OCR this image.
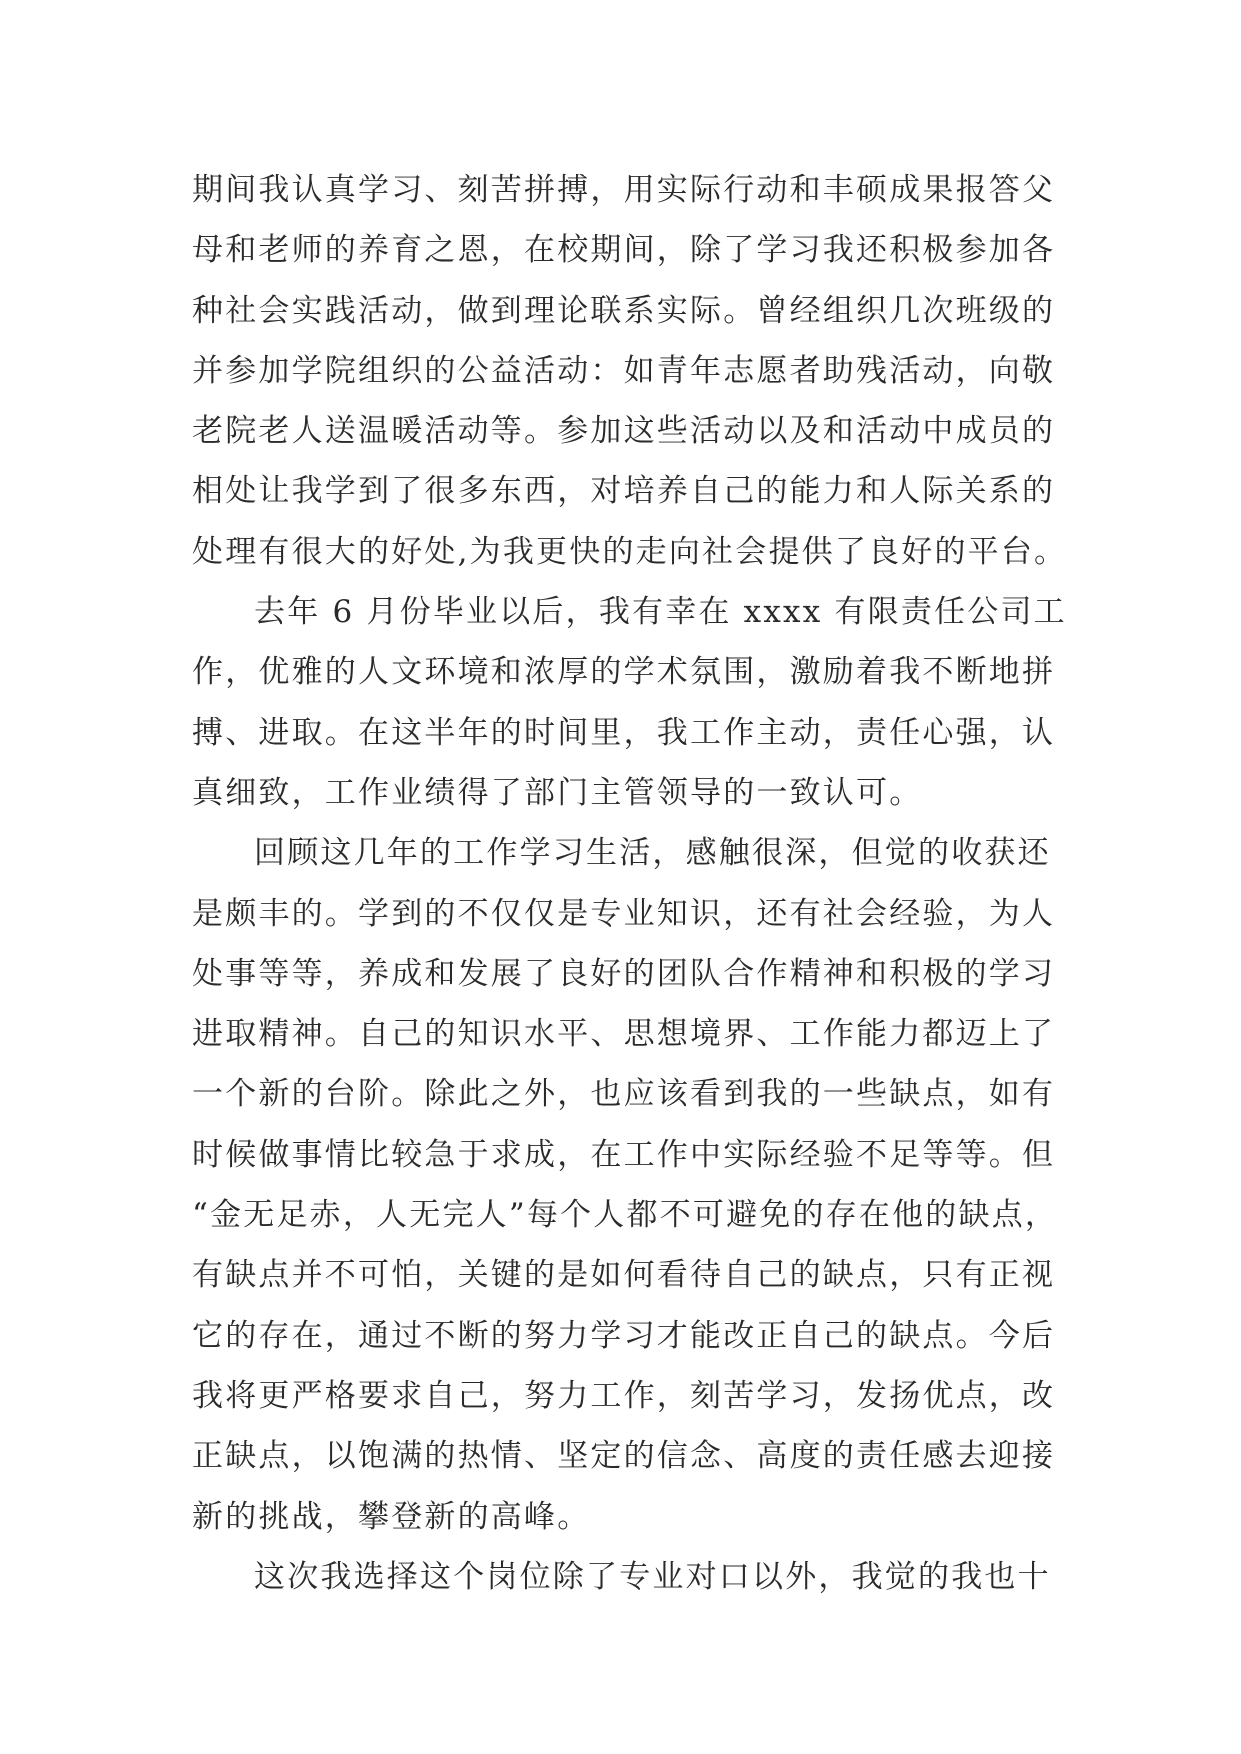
期间我认真学习、刻苦拼搏，用实际行动和丰硕成果报答父
母和老师的养育之恩，在校期间，除了学习我还积极参加各
种社会实践活动，做到理论联系实际。曾经组织几次班级的
并参加学院组织的公益活动：如青年志愿者助残活动，向敬
老院老人送温暖活动等。参加这些活动以及和活动中成员的
相处让我学到了很多东西，对培养自己的能力和人际关系的
处理有很大的好处,为我更快的走向社会提供了良好的平台。
去年 6 月份毕业以后，我有幸在 xxxx 有限责任公司工
作，优雅的人文环境和浓厚的学术氛围，激励着我不断地拼
搏、进取。在这半年的时间里，我工作主动，责任心强，认
真细致，工作业绩得了部门主管领导的一致认可。
回顾这几年的工作学习生活，感触很深，但觉的收获还
是颇丰的。学到的不仅仅是专业知识，还有社会经验，为人
处事等等，养成和发展了良好的团队合作精神和积极的学习
进取精神。自己的知识水平、思想境界、工作能力都迈上了
一个新的台阶。除此之外，也应该看到我的一些缺点，如有
时候做事情比较急于求成，在工作中实际经验不足等等。但
“金无足赤，人无完人”每个人都不可避免的存在他的缺点，
有缺点并不可怕，关键的是如何看待自己的缺点，只有正视
它的存在，通过不断的努力学习才能改正自己的缺点。今后
我将更严格要求自己，努力工作，刻苦学习，发扬优点，改
正缺点，以饱满的热情、坚定的信念、高度的责任感去迎接
新的挑战，攀登新的高峰。
这次我选择这个岗位除了专业对口以外，我觉的我也十
